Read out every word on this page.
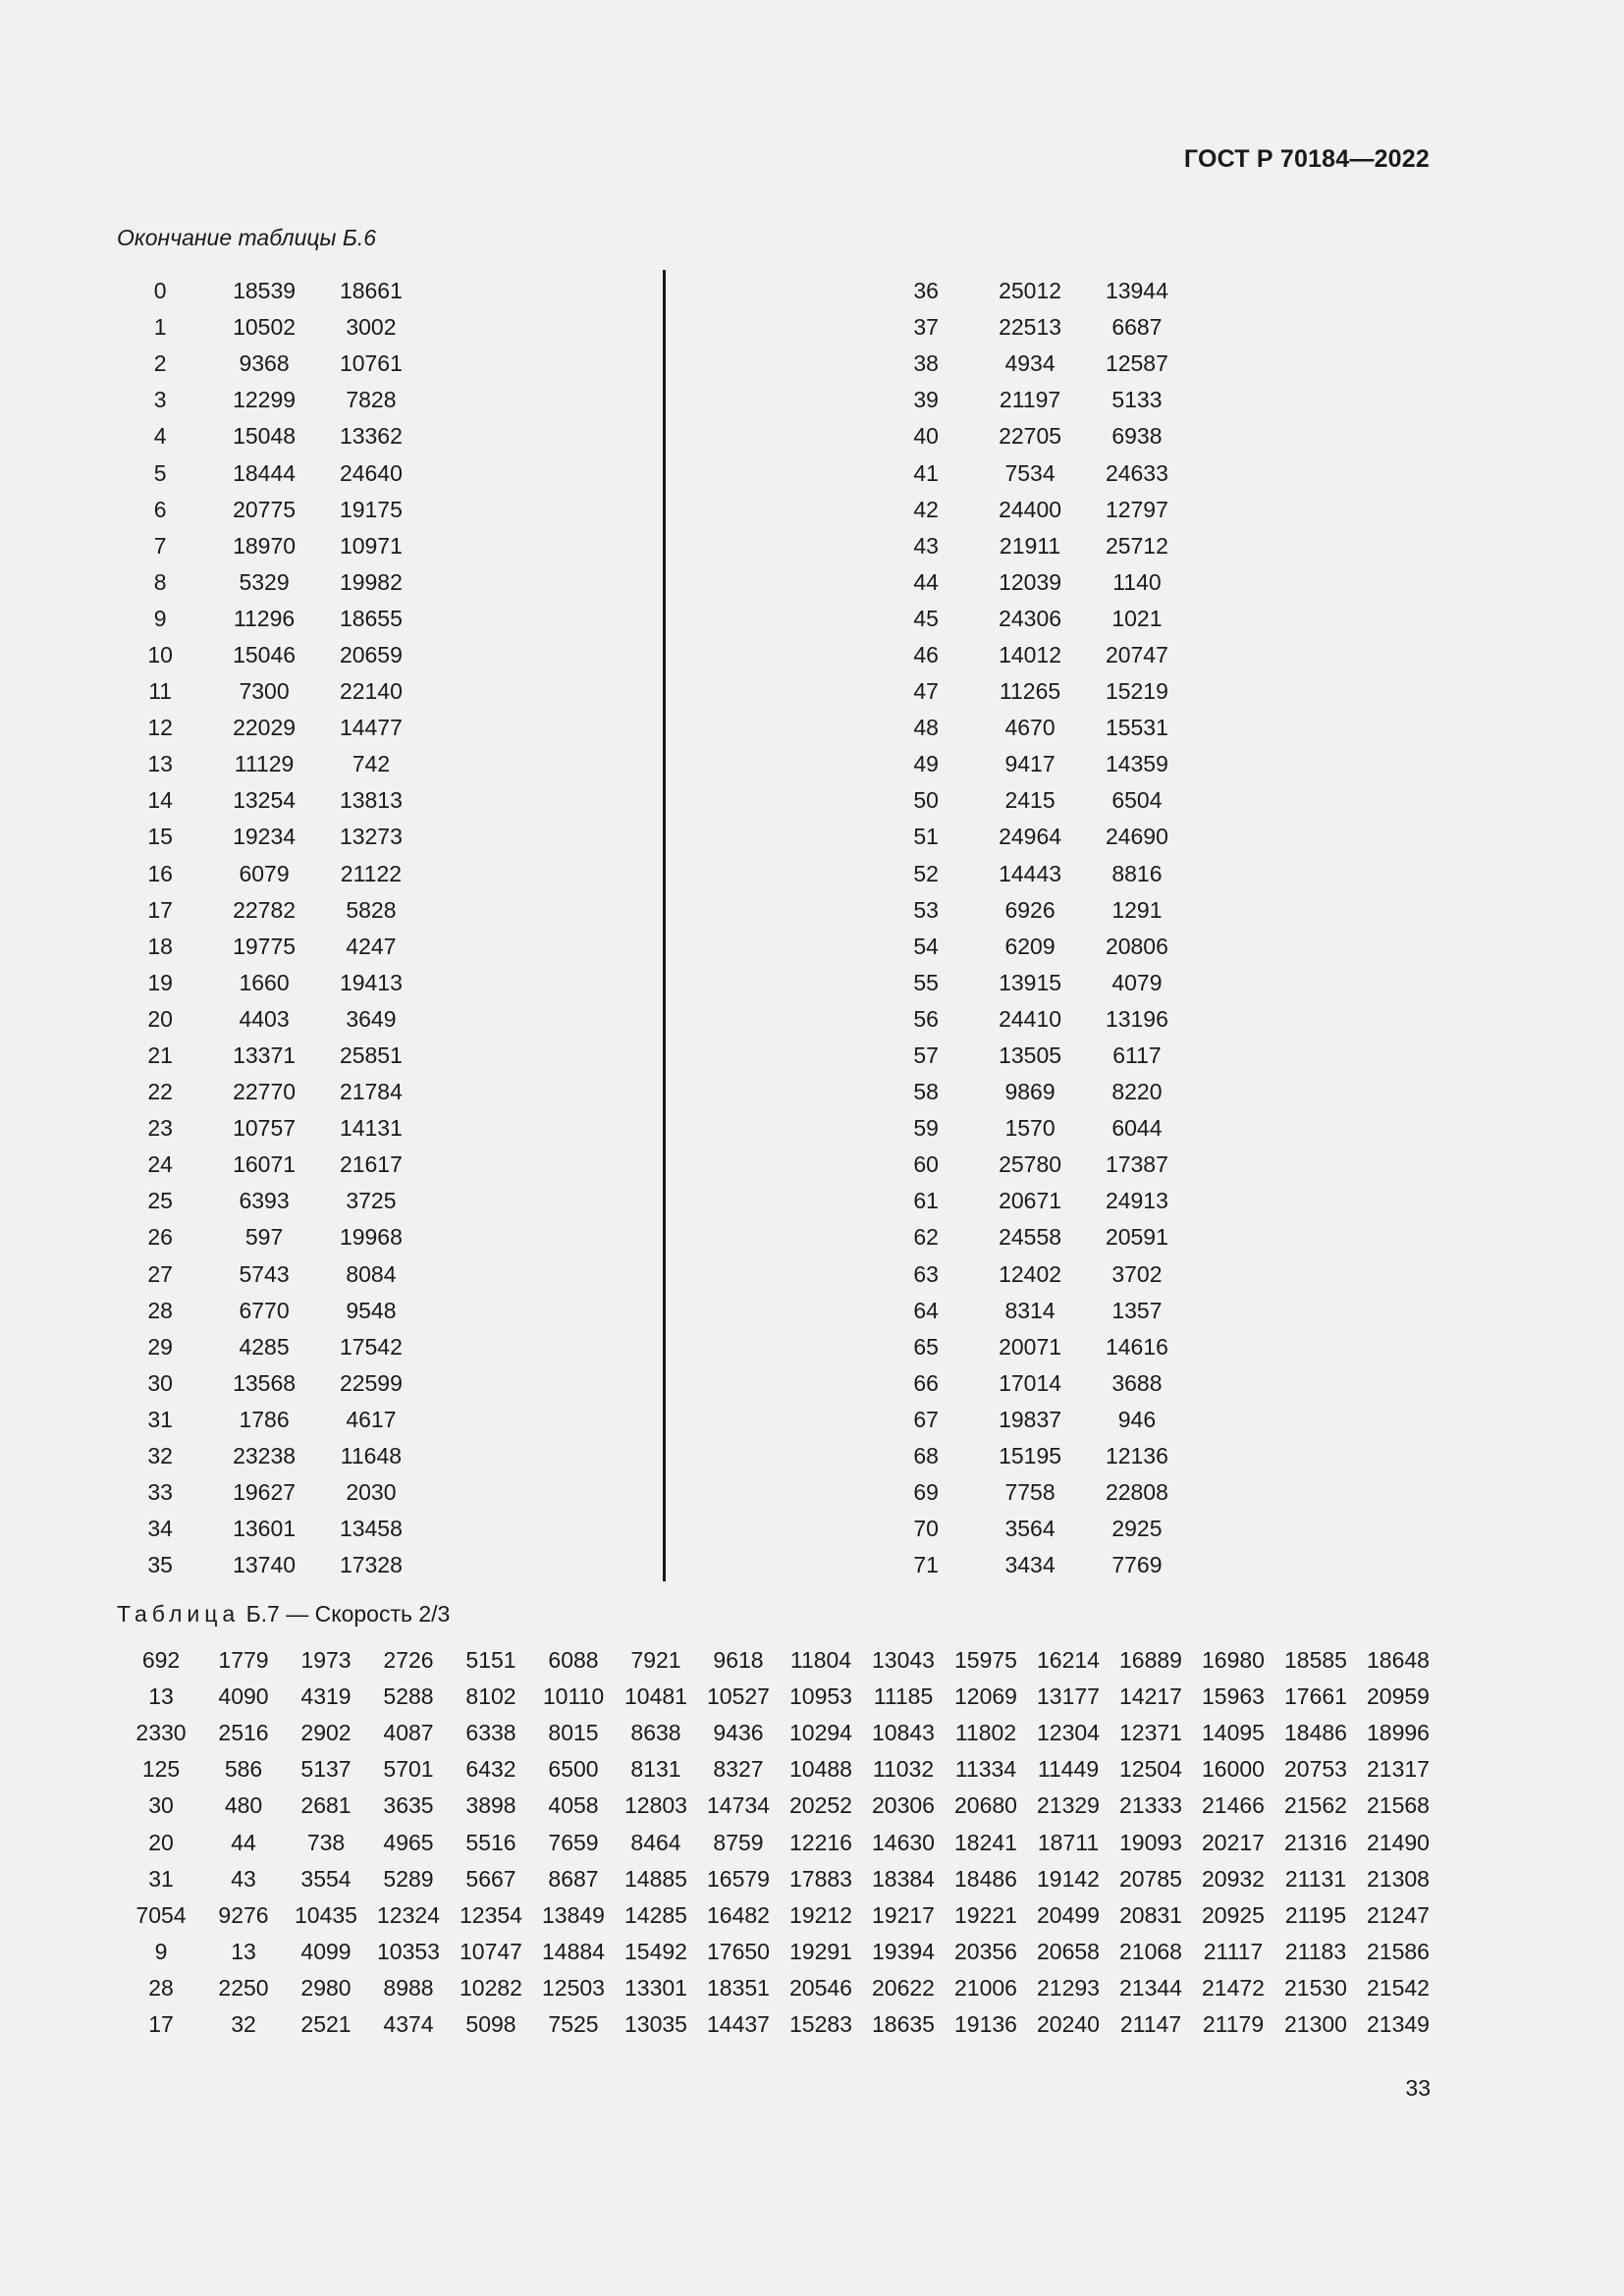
ГОСТ Р 70184—2022
Окончание таблицы Б.6
0	18539	18661
1	10502	3002
2	9368	10761
3	12299	7828
4	15048	13362
5	18444	24640
6	20775	19175
7	18970	10971
8	5329	19982
9	11296	18655
10	15046	20659
11	7300	22140
12	22029	14477
13	11129	742
14	13254	13813
15	19234	13273
16	6079	21122
17	22782	5828
18	19775	4247
19	1660	19413
20	4403	3649
21	13371	25851
22	22770	21784
23	10757	14131
24	16071	21617
25	6393	3725
26	597	19968
27	5743	8084
28	6770	9548
29	4285	17542
30	13568	22599
31	1786	4617
32	23238	11648
33	19627	2030
34	13601	13458
35	13740	17328
36	25012	13944
37	22513	6687
38	4934	12587
39	21197	5133
40	22705	6938
41	7534	24633
42	24400	12797
43	21911	25712
44	12039	1140
45	24306	1021
46	14012	20747
47	11265	15219
48	4670	15531
49	9417	14359
50	2415	6504
51	24964	24690
52	14443	8816
53	6926	1291
54	6209	20806
55	13915	4079
56	24410	13196
57	13505	6117
58	9869	8220
59	1570	6044
60	25780	17387
61	20671	24913
62	24558	20591
63	12402	3702
64	8314	1357
65	20071	14616
66	17014	3688
67	19837	946
68	15195	12136
69	7758	22808
70	3564	2925
71	3434	7769
Таблица Б.7 — Скорость 2/3
692	1779	1973	2726	5151	6088	7921	9618	11804	13043	15975	16214	16889	16980	18585	18648
13	4090	4319	5288	8102	10110	10481	10527	10953	11185	12069	13177	14217	15963	17661	20959
2330	2516	2902	4087	6338	8015	8638	9436	10294	10843	11802	12304	12371	14095	18486	18996
125	586	5137	5701	6432	6500	8131	8327	10488	11032	11334	11449	12504	16000	20753	21317
30	480	2681	3635	3898	4058	12803	14734	20252	20306	20680	21329	21333	21466	21562	21568
20	44	738	4965	5516	7659	8464	8759	12216	14630	18241	18711	19093	20217	21316	21490
31	43	3554	5289	5667	8687	14885	16579	17883	18384	18486	19142	20785	20932	21131	21308
7054	9276	10435	12324	12354	13849	14285	16482	19212	19217	19221	20499	20831	20925	21195	21247
9	13	4099	10353	10747	14884	15492	17650	19291	19394	20356	20658	21068	21117	21183	21586
28	2250	2980	8988	10282	12503	13301	18351	20546	20622	21006	21293	21344	21472	21530	21542
17	32	2521	4374	5098	7525	13035	14437	15283	18635	19136	20240	21147	21179	21300	21349
33
